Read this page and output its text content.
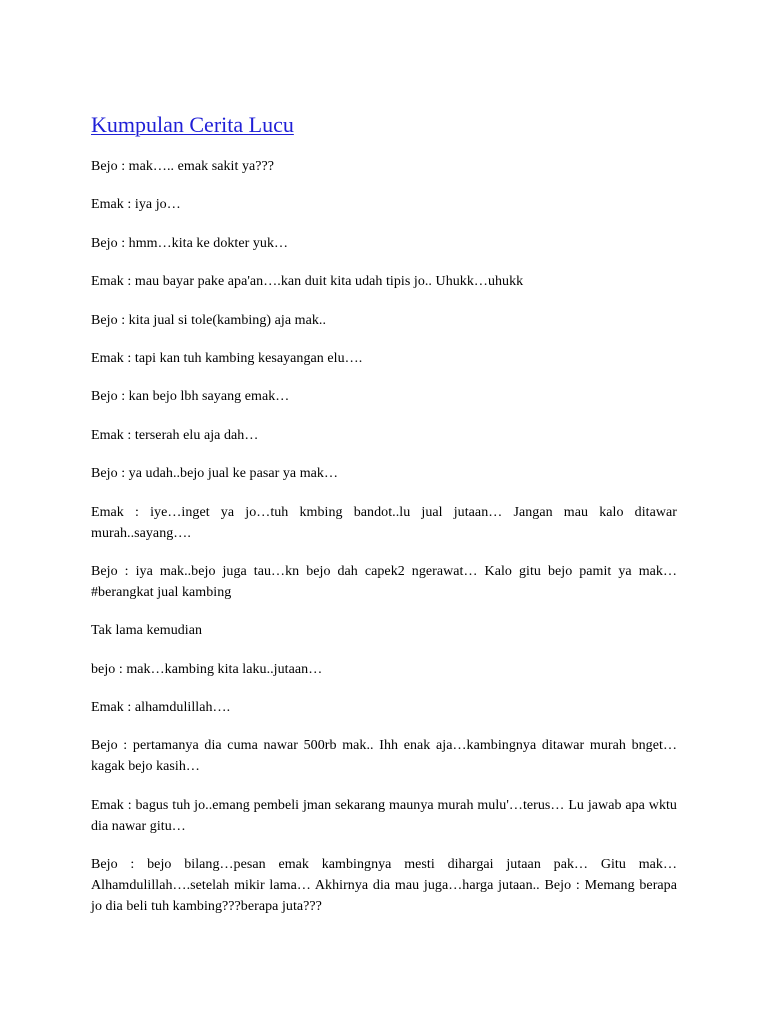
Kumpulan Cerita Lucu

Bejo : mak….. emak sakit ya???

Emak : iya jo…

Bejo : hmm…kita ke dokter yuk…

Emak : mau bayar pake apa'an….kan duit kita udah tipis jo.. Uhukk…uhukk

Bejo : kita jual si tole(kambing) aja mak..

Emak : tapi kan tuh kambing kesayangan elu….

Bejo : kan bejo lbh sayang emak…

Emak : terserah elu aja dah…

Bejo : ya udah..bejo jual ke pasar ya mak…

Emak : iye…inget ya jo…tuh kmbing bandot..lu jual jutaan… Jangan mau kalo ditawar murah..sayang….

Bejo : iya mak..bejo juga tau…kn bejo dah capek2 ngerawat… Kalo gitu bejo pamit ya mak… #berangkat jual kambing

Tak lama kemudian

bejo : mak…kambing kita laku..jutaan…

Emak : alhamdulillah….

Bejo : pertamanya dia cuma nawar 500rb mak.. Ihh enak aja…kambingnya ditawar murah bnget…kagak bejo kasih…

Emak : bagus tuh jo..emang pembeli jman sekarang maunya murah mulu'…terus… Lu jawab apa wktu dia nawar gitu…

Bejo : bejo bilang…pesan emak kambingnya mesti dihargai jutaan pak… Gitu mak… Alhamdulillah….setelah mikir lama… Akhirnya dia mau juga…harga jutaan.. Bejo : Memang berapa jo dia beli tuh kambing???berapa juta???
